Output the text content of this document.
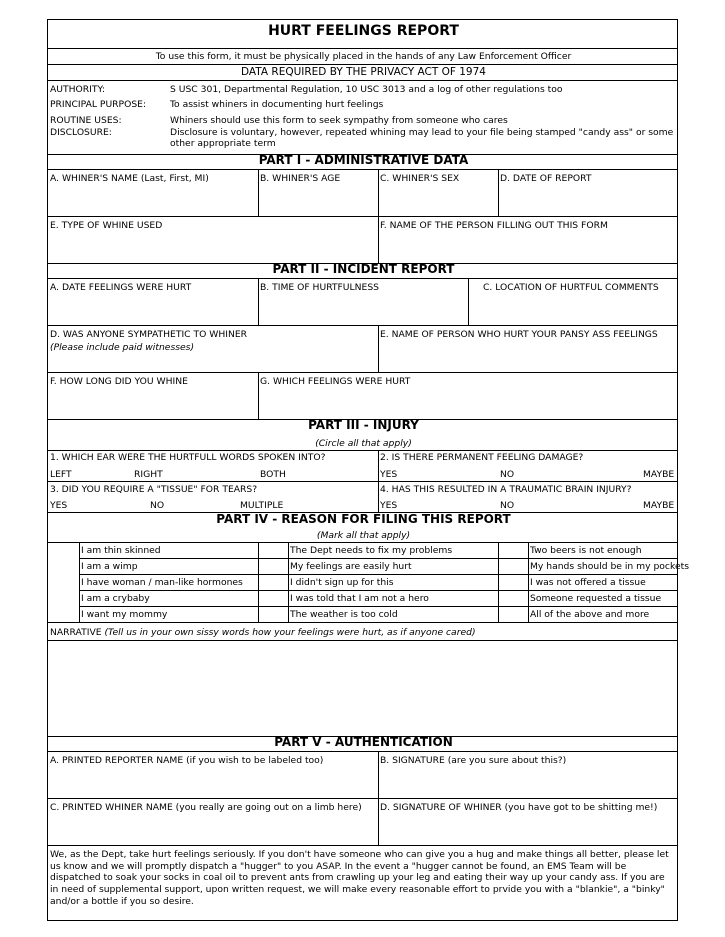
HURT FEELINGS REPORT
To use this form, it must be physically placed in the hands of any Law Enforcement Officer
DATA REQUIRED BY THE PRIVACY ACT OF 1974
AUTHORITY:	S USC 301, Departmental Regulation, 10 USC 3013 and a log of other regulations too
PRINCIPAL PURPOSE:	To assist whiners in documenting hurt feelings
ROUTINE USES:	Whiners should use this form to seek sympathy from someone who cares
DISCLOSURE:	Disclosure is voluntary, however, repeated whining may lead to your file being stamped "candy ass" or some other appropriate term
PART I - ADMINISTRATIVE DATA
A. WHINER'S NAME (Last, First, MI)	B. WHINER'S AGE	C. WHINER'S SEX	D. DATE OF REPORT
E. TYPE OF WHINE USED	F. NAME OF THE PERSON FILLING OUT THIS FORM
PART II - INCIDENT REPORT
A. DATE FEELINGS WERE HURT	B. TIME OF HURTFULNESS	C. LOCATION OF HURTFUL COMMENTS
D. WAS ANYONE SYMPATHETIC TO WHINER
(Please include paid witnesses)
E. NAME OF PERSON WHO HURT YOUR PANSY ASS FEELINGS
F. HOW LONG DID YOU WHINE	G. WHICH FEELINGS WERE HURT
PART III - INJURY
(Circle all that apply)
1. WHICH EAR WERE THE HURTFULL WORDS SPOKEN INTO?
LEFT	RIGHT	BOTH
2. IS THERE PERMANENT FEELING DAMAGE?
YES	NO	MAYBE
3. DID YOU REQUIRE A "TISSUE" FOR TEARS?
YES	NO	MULTIPLE
4. HAS THIS RESULTED IN A TRAUMATIC BRAIN INJURY?
YES	NO	MAYBE
PART IV - REASON FOR FILING THIS REPORT
(Mark all that apply)
I am thin skinned	The Dept needs to fix my problems	Two beers is not enough
I am a wimp	My feelings are easily hurt	My hands should be in my pockets
I have woman / man-like hormones	I didn't sign up for this	I was not offered a tissue
I am a crybaby	I was told that I am not a hero	Someone requested a tissue
I want my mommy	The weather is too cold	All of the above and more
NARRATIVE (Tell us in your own sissy words how your feelings were hurt, as if anyone cared)
PART V - AUTHENTICATION
A. PRINTED REPORTER NAME (if you wish to be labeled too)	B. SIGNATURE (are you sure about this?)
C. PRINTED WHINER NAME (you really are going out on a limb here) D. SIGNATURE OF WHINER (you have got to be shitting me!)
We, as the Dept, take hurt feelings seriously. If you don't have someone who can give you a hug and make things all better, please let us know and we will promptly dispatch a "hugger" to you ASAP. In the event a "hugger cannot be found, an EMS Team will be dispatched to soak your socks in coal oil to prevent ants from crawling up your leg and eating their way up your candy ass. If you are in need of supplemental support, upon written request, we will make every reasonable effort to prvide you with a "blankie", a "binky" and/or a bottle if you so desire.
